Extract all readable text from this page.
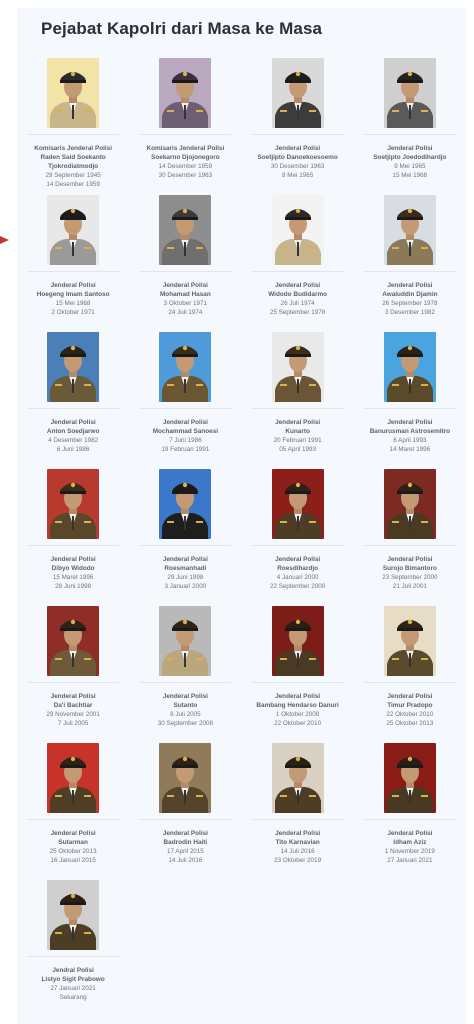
Pejabat Kapolri dari Masa ke Masa
Komisaris Jenderal Polisi
Raden Said Soekanto Tjokrodiatmodjo
29 September 1945
14 Desember 1959
Komisaris Jenderal Polisi
Soekarno Djojonegoro
14 Desember 1959
30 Desember 1963
Jenderal Polisi
Soetjipto Danoekoesoemo
30 Desember 1963
8 Mei 1965
Jenderal Polisi
Soetjipto Joedodihardjo
9 Mei 1965
15 Mei 1968
Jenderal Polisi
Hoegeng Imam Santoso
15 Mei 1968
2 Oktober 1971
Jenderal Polisi
Mohamad Hasan
3 Oktober 1971
24 Juli 1974
Jenderal Polisi
Widodo Budidarmo
26 Juli 1974
25 September 1978
Jenderal Polisi
Awaluddin Djamin
26 September 1978
3 Desember 1982
Jenderal Polisi
Anton Soedjarwo
4 Desember 1982
6 Juni 1986
Jenderal Polisi
Mochammad Sanoesi
7 Juni 1986
19 Februari 1991
Jenderal Polisi
Kunarto
20 Februari 1991
05 April 1993
Jenderal Polisi
Banurusman Astrosemitro
6 April 1993
14 Maret 1996
Jenderal Polisi
Dibyo Widodo
15 Maret 1996
28 Juni 1998
Jenderal Polisi
Roesmanhadi
29 Juni 1998
3 Januari 2000
Jenderal Polisi
Roesdihardjo
4 Januari 2000
22 September 2000
Jenderal Polisi
Surojo Bimantoro
23 September 2000
21 Juli 2001
Jenderal Polisi
Da'i Bachtiar
29 November 2001
7 Juli 2005
Jenderal Polisi
Sutanto
8 Juli 2005
30 September 2008
Jenderal Polisi
Bambang Hendarso Danuri
1 Oktober 2008
22 Oktober 2010
Jenderal Polisi
Timur Pradopo
22 Oktober 2010
25 Oktober 2013
Jenderal Polisi
Sutarman
25 Oktober 2013
16 Januari 2015
Jenderal Polisi
Badrodin Haiti
17 April 2015
14 Juli 2016
Jenderal Polisi
Tito Karnavian
14 Juli 2016
23 Oktober 2019
Jenderal Polisi
Idham Aziz
1 November 2019
27 Januari 2021
Jendral Polisi
Listyo Sigit Prabowo
27 Januari 2021
Sekarang
